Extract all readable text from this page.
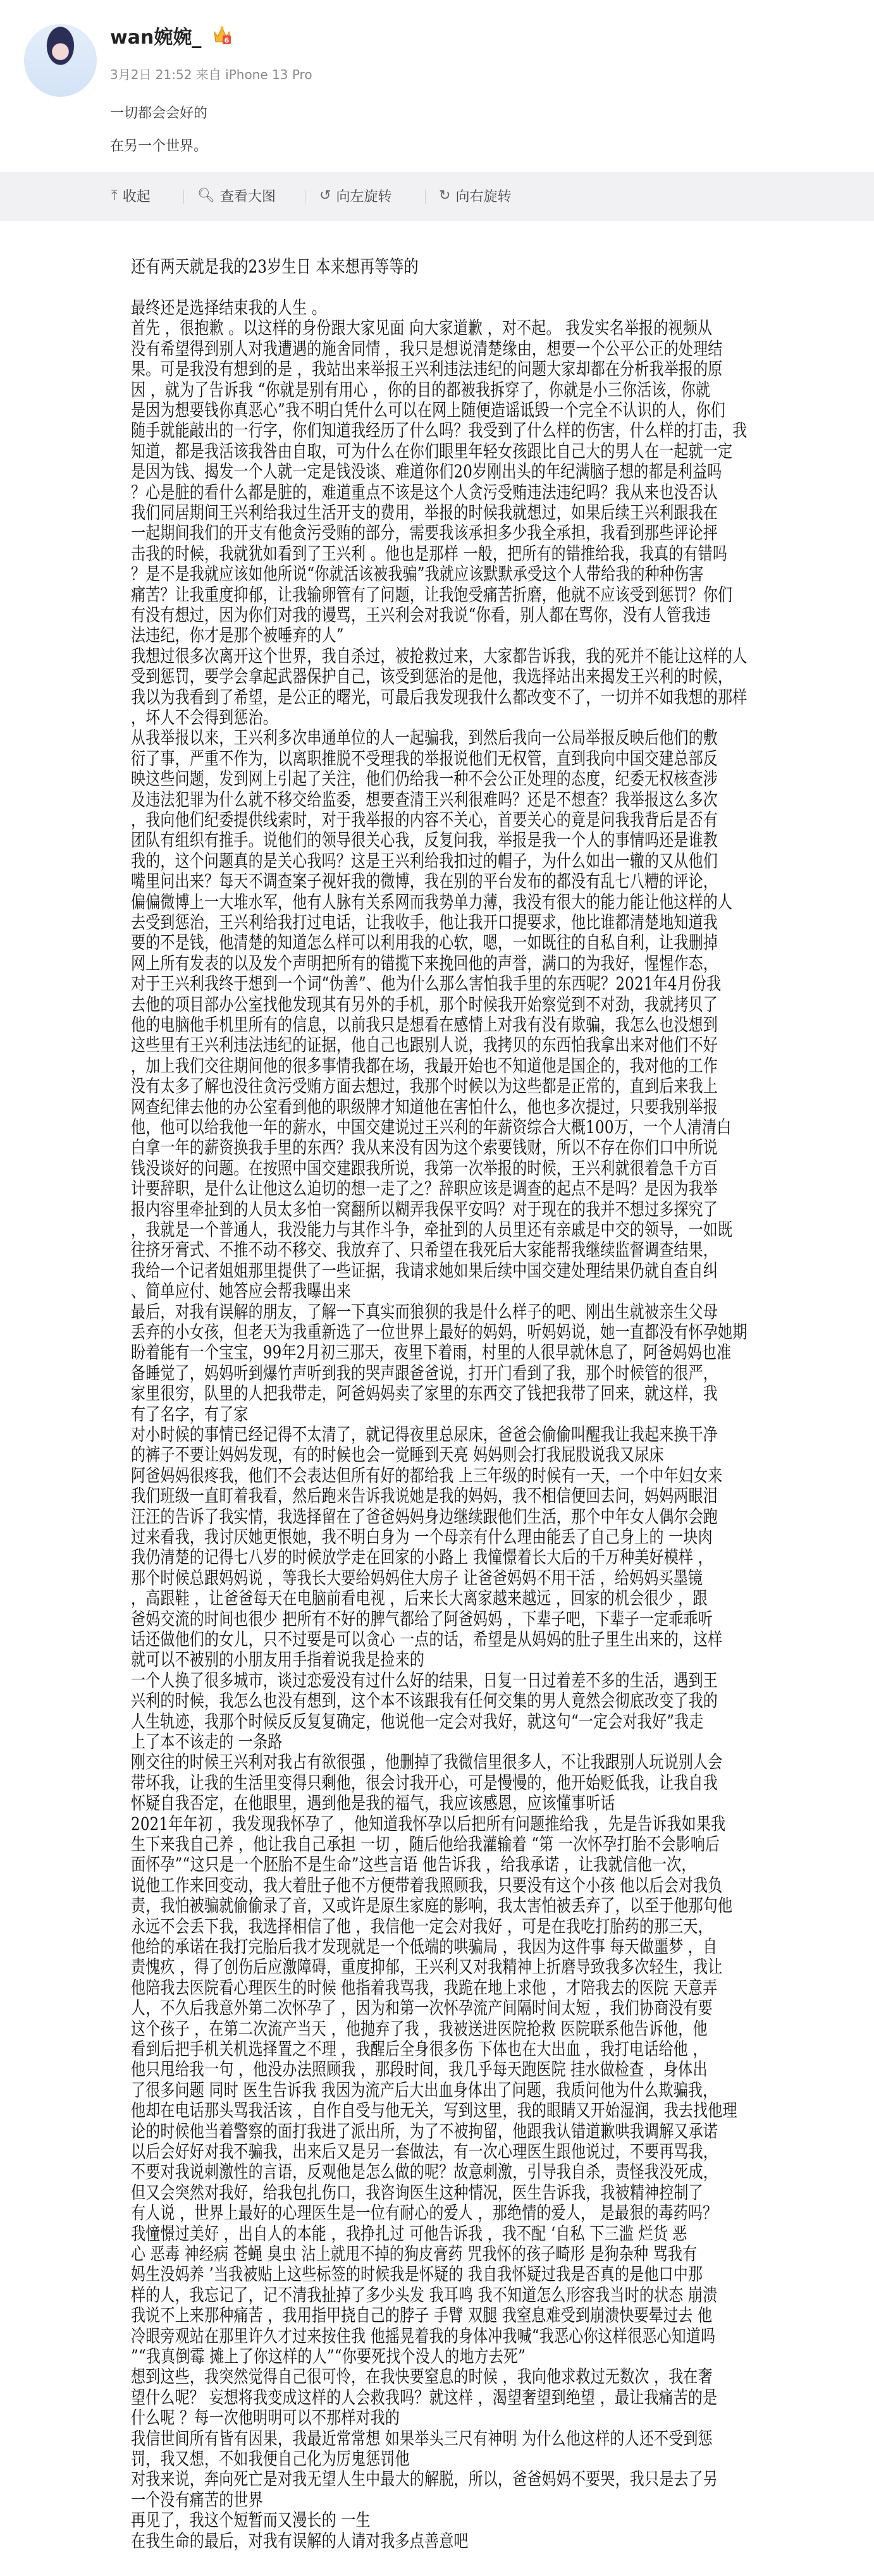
wan婉婉_	6
3月2日 21:52 来自 iPhone 13 Pro
一切都会会好的
在另一个世界。
⤒ 收起	🔍︎ 查看大图	↺ 向左旋转	↻ 向右旋转
还有两天就是我的23岁生日 本来想再等等的
最终还是选择结束我的人生 。
首先 ，很抱歉 。以这样的身份跟大家见面 向大家道歉 ，对不起。 我发实名举报的视频从
没有希望得到别人对我遭遇的施舍同情 ，我只是想说清楚缘由，想要一个公平公正的处理结
果。可是我没有想到的是 ，我站出来举报王兴利违法违纪的问题大家却都在分析我举报的原
因 ，就为了告诉我 “你就是别有用心 ，你的目的都被我拆穿了，你就是小三你活该，你就
是因为想要钱你真恶心”我不明白凭什么可以在网上随便造谣诋毁一个完全不认识的人，你们
随手就能敲出的一行字，你们知道我经历了什么吗？我受到了什么样的伤害，什么样的打击，我
知道，都是我活该我咎由自取，可为什么在你们眼里年轻女孩跟比自己大的男人在一起就一定
是因为钱、揭发一个人就一定是钱没谈、难道你们20岁刚出头的年纪满脑子想的都是利益吗
？心是脏的看什么都是脏的，难道重点不该是这个人贪污受贿违法违纪吗？我从来也没否认
我们同居期间王兴利给我过生活开支的费用，举报的时候我就想过，如果后续王兴利跟我在
一起期间我们的开支有他贪污受贿的部分，需要我该承担多少我全承担，我看到那些评论抨
击我的时候，我就犹如看到了王兴利 。他也是那样 一般，把所有的错推给我，我真的有错吗
？是不是我就应该如他所说“你就活该被我骗”我就应该默默承受这个人带给我的种种伤害
痛苦？让我重度抑郁，让我输卵管有了问题，让我饱受痛苦折磨，他就不应该受到惩罚？你们
有没有想过，因为你们对我的谩骂，王兴利会对我说“你看，别人都在骂你，没有人管我违
法违纪，你才是那个被唾弃的人”
我想过很多次离开这个世界，我自杀过，被抢救过来，大家都告诉我，我的死并不能让这样的人
受到惩罚，要学会拿起武器保护自己，该受到惩治的是他，我选择站出来揭发王兴利的时候，
我以为我看到了希望，是公正的曙光，可最后我发现我什么都改变不了，一切并不如我想的那样
，坏人不会得到惩治。
从我举报以来，王兴利多次串通单位的人一起骗我，到然后我向一公局举报反映后他们的敷
衍了事，严重不作为，以离职推脱不受理我的举报说他们无权管，直到我向中国交建总部反
映这些问题，发到网上引起了关注，他们仍给我一种不会公正处理的态度，纪委无权核查涉
及违法犯罪为什么就不移交给监委，想要查清王兴利很难吗？还是不想查？我举报这么多次
，我向他们纪委提供线索时，对于我举报的内容不关心，首要关心的竟是问我我背后是否有
团队有组织有推手。说他们的领导很关心我，反复问我，举报是我一个人的事情吗还是谁教
我的，这个问题真的是关心我吗？这是王兴利给我扣过的帽子，为什么如出一辙的又从他们
嘴里问出来？每天不调查案子视奸我的微博，我在别的平台发布的都没有乱七八糟的评论，
偏偏微博上一大堆水军，他有人脉有关系网而我势单力薄，我没有很大的能力能让他这样的人
去受到惩治，王兴利给我打过电话，让我收手，他让我开口提要求，他比谁都清楚地知道我
要的不是钱，他清楚的知道怎么样可以利用我的心软，嗯，一如既往的自私自利，让我删掉
网上所有发表的以及发个声明把所有的错揽下来挽回他的声誉，满口的为我好，惺惺作态，
对于王兴利我终于想到一个词“伪善”、他为什么那么害怕我手里的东西呢？2021年4月份我
去他的项目部办公室找他发现其有另外的手机，那个时候我开始察觉到不对劲，我就拷贝了
他的电脑他手机里所有的信息，以前我只是想看在感情上对我有没有欺骗，我怎么也没想到
这些里有王兴利违法违纪的证据，他自己也跟别人说，我拷贝的东西怕我拿出来对他们不好
，加上我们交往期间他的很多事情我都在场，我最开始也不知道他是国企的，我对他的工作
没有太多了解也没往贪污受贿方面去想过，我那个时候以为这些都是正常的，直到后来我上
网查纪律去他的办公室看到他的职级牌才知道他在害怕什么，他也多次提过，只要我别举报
他，他可以给我他一年的薪水，中国交建说过王兴利的年薪资综合大概100万，一个人清清白
白拿一年的薪资换我手里的东西？我从来没有因为这个索要钱财，所以不存在你们口中所说
钱没谈好的问题。在按照中国交建跟我所说，我第一次举报的时候，王兴利就很着急千方百
计要辞职，是什么让他这么迫切的想一走了之？辞职应该是调查的起点不是吗？是因为我举
报内容里牵扯到的人员太多怕一窝翻所以糊弄我保平安吗？对于现在的我并不想过多探究了
，我就是一个普通人，我没能力与其作斗争，牵扯到的人员里还有亲戚是中交的领导，一如既
往挤牙膏式、不推不动不移交、我放弃了、只希望在我死后大家能帮我继续监督调查结果，
我给一个记者姐姐那里提供了一些证据，我请求她如果后续中国交建处理结果仍就自查自纠
、简单应付、她答应会帮我曝出来
最后，对我有误解的朋友，了解一下真实而狼狈的我是什么样子的吧、刚出生就被亲生父母
丢弃的小女孩，但老天为我重新选了一位世界上最好的妈妈，听妈妈说，她一直都没有怀孕她期
盼着能有一个宝宝，99年2月初三那天，夜里下着雨，村里的人很早就休息了，阿爸妈妈也准
备睡觉了，妈妈听到爆竹声听到我的哭声跟爸爸说，打开门看到了我，那个时候管的很严，
家里很穷，队里的人把我带走，阿爸妈妈卖了家里的东西交了钱把我带了回来，就这样，我
有了名字，有了家
对小时候的事情已经记得不太清了，就记得夜里总尿床，爸爸会偷偷叫醒我让我起来换干净
的裤子不要让妈妈发现，有的时候也会一觉睡到天亮 妈妈则会打我屁股说我又尿床
阿爸妈妈很疼我，他们不会表达但所有好的都给我 上三年级的时候有一天，一个中年妇女来
我们班级一直盯着我看，然后跑来告诉我说她是我的妈妈，我不相信便回去问，妈妈两眼泪
汪汪的告诉了我实情，我选择留在了爸爸妈妈身边继续跟他们生活，那个中年女人偶尔会跑
过来看我，我讨厌她更恨她，我不明白身为 一个母亲有什么理由能丢了自己身上的 一块肉
我仍清楚的记得七八岁的时候放学走在回家的小路上 我憧憬着长大后的千万种美好模样 ，
那个时候总跟妈妈说 ，等我长大要给妈妈住大房子 让爸爸妈妈不用干活 ，给妈妈买墨镜
，高跟鞋 ，让爸爸每天在电脑前看电视 ，后来长大离家越来越远 ，回家的机会很少 ，跟
爸妈交流的时间也很少 把所有不好的脾气都给了阿爸妈妈 ，下辈子吧，下辈子一定乖乖听
话还做他们的女儿，只不过要是可以贪心 一点的话，希望是从妈妈的肚子里生出来的，这样
就可以不被别的小朋友用手指着说我是捡来的
一个人换了很多城市，谈过恋爱没有过什么好的结果，日复一日过着差不多的生活，遇到王
兴利的时候，我怎么也没有想到，这个本不该跟我有任何交集的男人竟然会彻底改变了我的
人生轨迹，我那个时候反反复复确定，他说他一定会对我好，就这句“一定会对我好”我走
上了本不该走的 一条路
刚交往的时候王兴利对我占有欲很强 ，他删掉了我微信里很多人，不让我跟别人玩说别人会
带坏我，让我的生活里变得只剩他，很会讨我开心，可是慢慢的，他开始贬低我，让我自我
怀疑自我否定，在他眼里，遇到他是我的福气，我应该感恩，应该懂事听话
2021年年初 ，我发现我怀孕了 ，他知道我怀孕以后把所有问题推给我 ，先是告诉我如果我
生下来我自己养 ，他让我自己承担 一切 ，随后他给我灌输着 “第 一次怀孕打胎不会影响后
面怀孕”“这只是一个胚胎不是生命”这些言语 他告诉我 ，给我承诺 ，让我就信他一次，
说他工作来回变动，我大着肚子他不方便带着我照顾我，只要没有这个小孩 他以后会对我负
责，我怕被骗就偷偷录了音，又或许是原生家庭的影响，我太害怕被丢弃了，以至于他那句他
永远不会丢下我，我选择相信了他 ，我信他一定会对我好 ，可是在我吃打胎药的那三天，
他给的承诺在我打完胎后我才发现就是一个低端的哄骗局 ，我因为这件事 每天做噩梦 ，自
责愧疚 ，得了创伤后应激障碍，重度抑郁，王兴利又对我精神上折磨导致我多次轻生，我让
他陪我去医院看心理医生的时候 他指着我骂我，我跪在地上求他 ，才陪我去的医院 天意弄
人，不久后我意外第二次怀孕了 ，因为和第一次怀孕流产间隔时间太短 ，我们协商没有要
这个孩子 ，在第二次流产当天 ，他抛弃了我 ，我被送进医院抢救 医院联系他告诉他，他
看到后把手机关机选择置之不理 ，我醒后全身很多伤 下体也在大出血 ，我打电话给他 ，
他只甩给我一句 ，他没办法照顾我 ，那段时间，我几乎每天跑医院 挂水做检查 ，身体出
了很多问题 同时 医生告诉我 我因为流产后大出血身体出了问题，我质问他为什么欺骗我，
他却在电话那头骂我活该 ，自作自受与他无关，写到这里，我的眼睛又开始湿润，我去找他理
论的时候他当着警察的面打我进了派出所，为了不被拘留，他跟我认错道歉哄我调解又承诺
以后会好好对我不骗我，出来后又是另一套做法，有一次心理医生跟他说过，不要再骂我，
不要对我说刺激性的言语，反观他是怎么做的呢？故意刺激，引导我自杀，责怪我没死成，
但又会突然对我好，给我包扎伤口，我咨询医生这种情况，医生告诉我，我被精神控制了
有人说 ，世界上最好的心理医生是一位有耐心的爱人 ，那绝情的爱人， 是最狠的毒药吗？
我憧憬过美好 ，出自人的本能 ，我挣扎过 可他告诉我 ，我不配 ‘自私 下三滥 烂货 恶
心 恶毒 神经病 苍蝇 臭虫 沾上就甩不掉的狗皮膏药 咒我怀的孩子畸形 是狗杂种 骂我有
妈生没妈养 ’当我被贴上这些标签的时候我是怀疑的 我自我怀疑过我是否真的是他口中那
样的人，我忘记了，记不清我扯掉了多少头发 我耳鸣 我不知道怎么形容我当时的状态 崩溃
我说不上来那种痛苦 ，我用指甲挠自己的脖子 手臂 双腿 我窒息难受到崩溃快要晕过去 他
冷眼旁观站在那里许久才过来按住我 他摇晃着我的身体冲我喊“我恶心你这样很恶心知道吗
”“我真倒霉 摊上了你这样的人”“你要死找个没人的地方去死”
想到这些，我突然觉得自己很可怜，在我快要窒息的时候 ，我向他求救过无数次 ，我在奢
望什么呢？ 妄想将我变成这样的人会救我吗？就这样 ，渴望奢望到绝望 ，最让我痛苦的是
什么呢 ？每一次他明明可以不那样对我的
我信世间所有皆有因果，我最近常常想 如果举头三尺有神明 为什么他这样的人还不受到惩
罚，我又想，不如我便自己化为厉鬼惩罚他
对我来说，奔向死亡是对我无望人生中最大的解脱，所以，爸爸妈妈不要哭，我只是去了另
一个没有痛苦的世界
再见了，我这个短暂而又漫长的 一生
在我生命的最后，对我有误解的人请对我多点善意吧
